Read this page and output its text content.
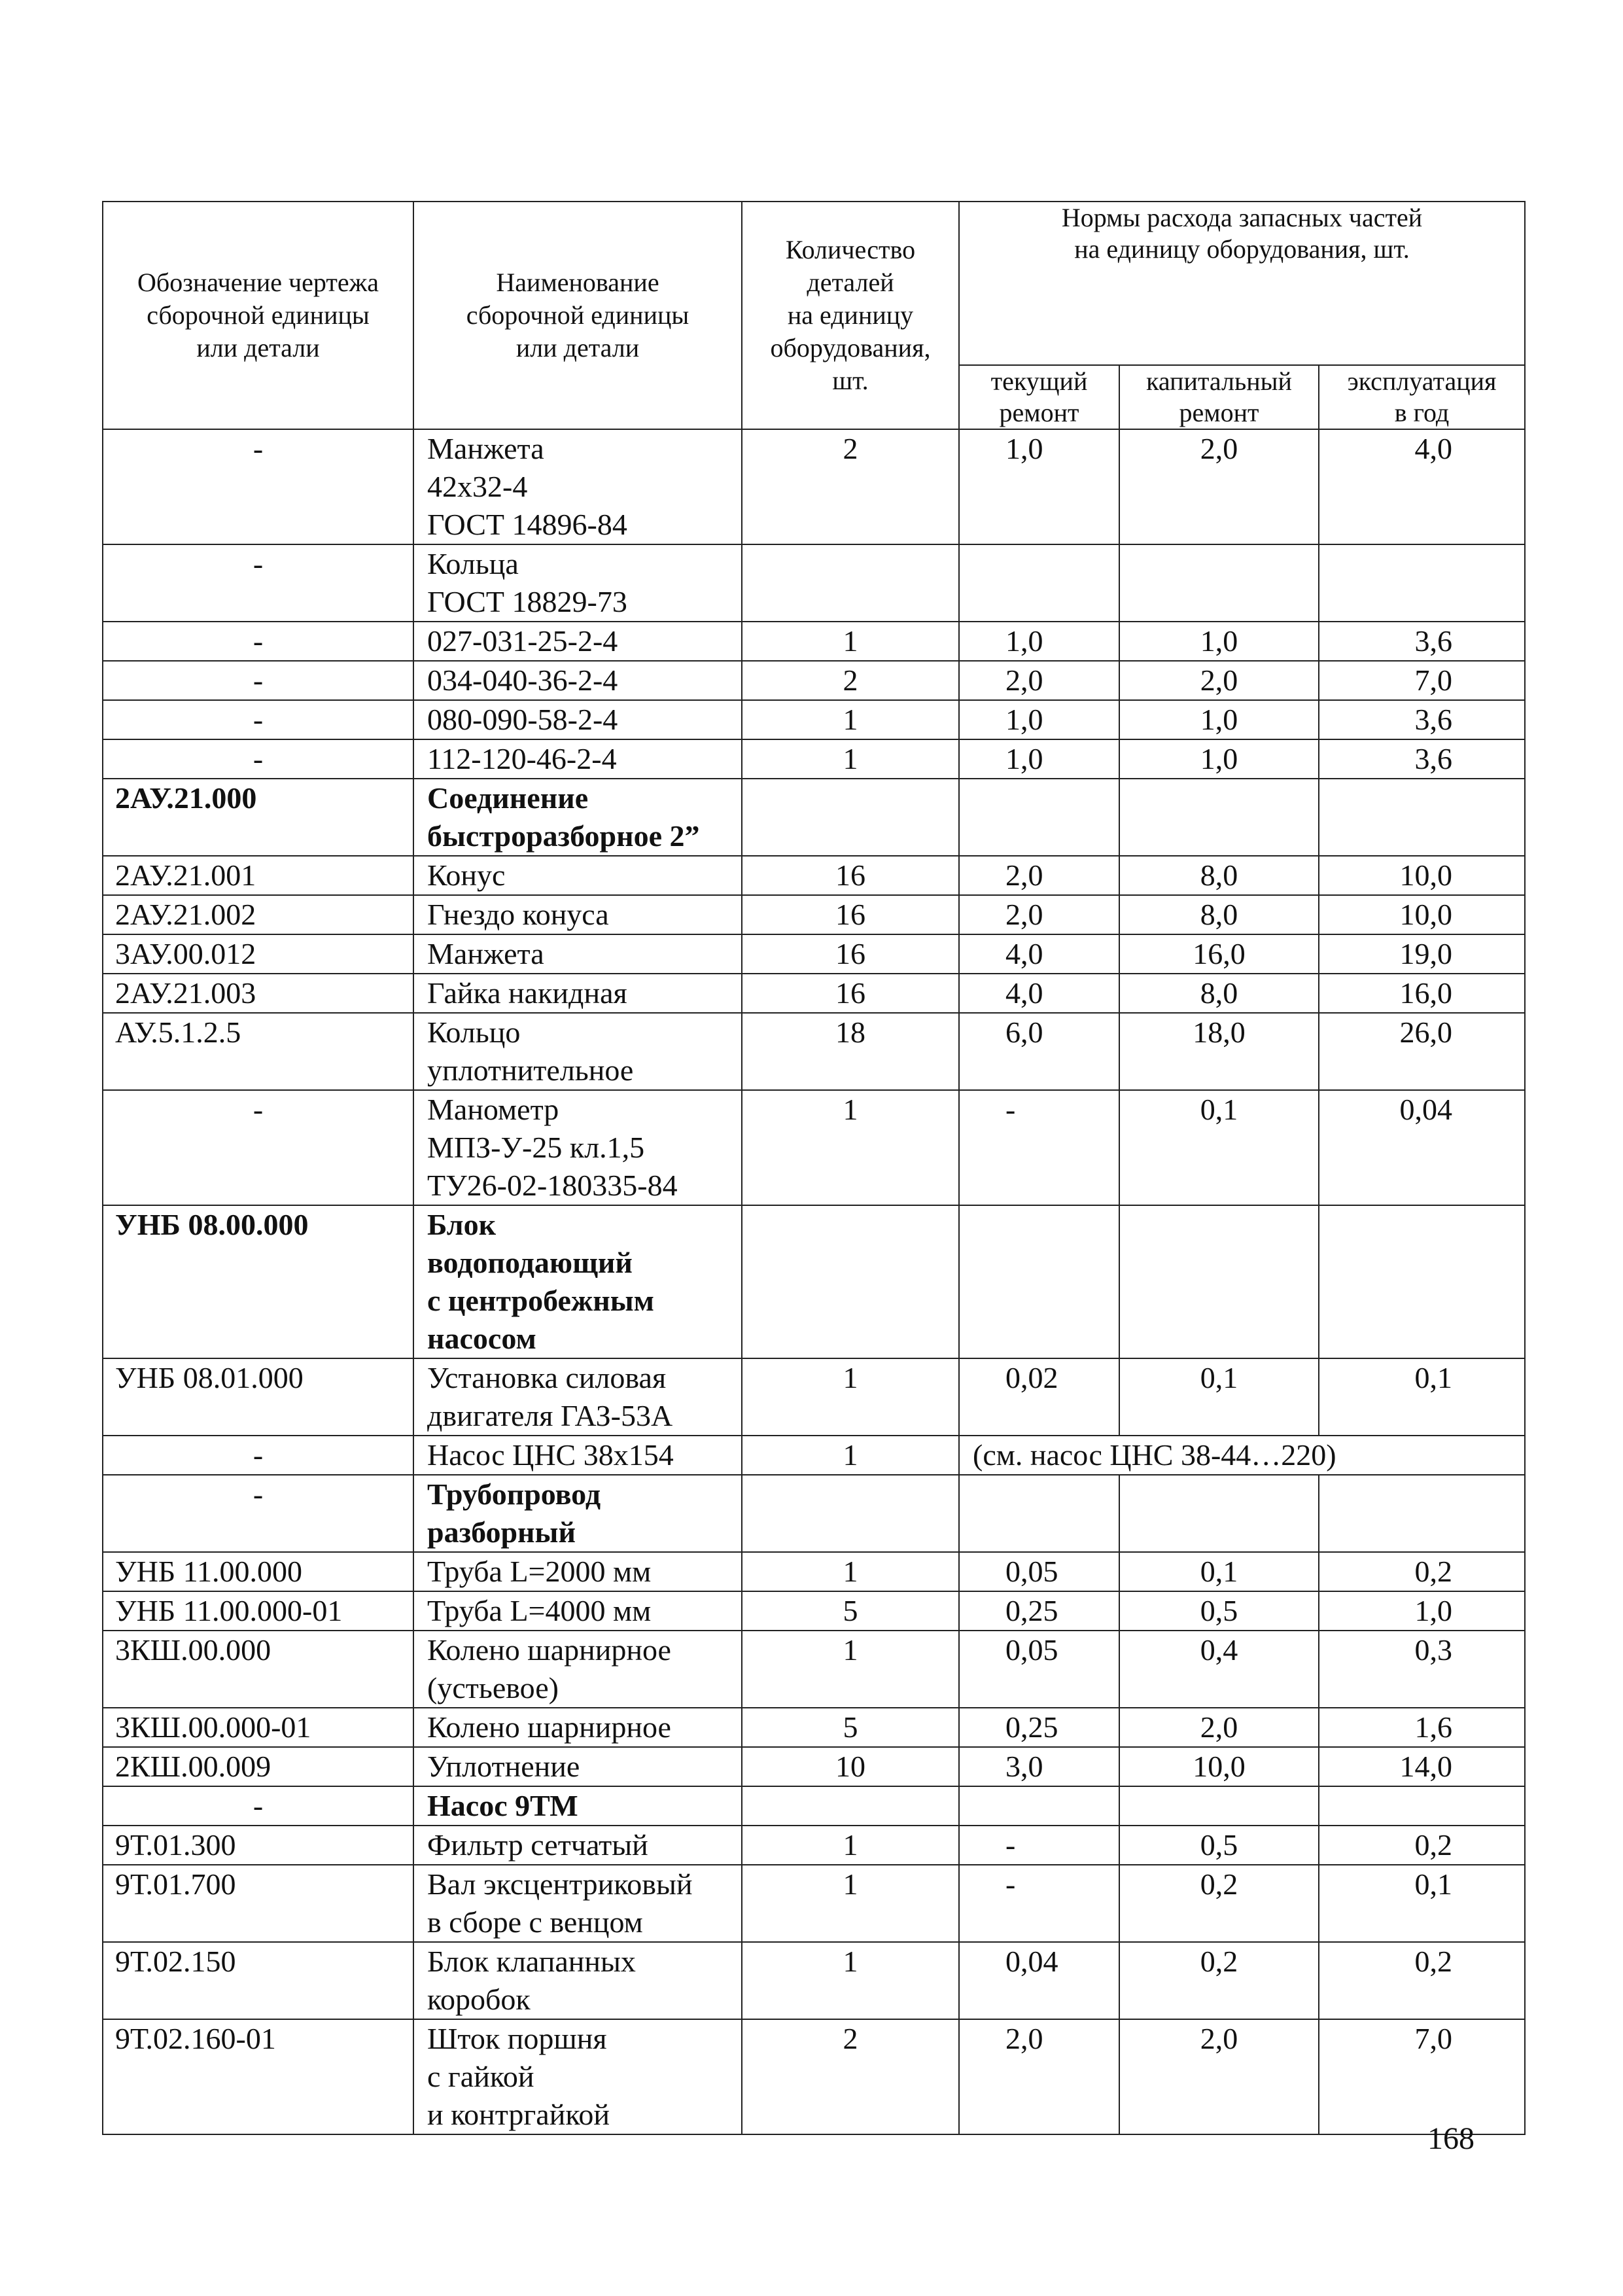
Обозначение чертежа
сборочной единицы
или детали	Наименование
сборочной единицы
или детали	Количество
деталей
на единицу
оборудования,
шт.	Нормы расхода запасных частей
на единицу оборудования, шт.		
			текущий
ремонт	капитальный
ремонт	эксплуатация
в год
-	Манжета
42х32-4
ГОСТ 14896-84	2	1,0	2,0	4,0
-	Кольца
ГОСТ 18829-73				
-	027-031-25-2-4	1	1,0	1,0	3,6
-	034-040-36-2-4	2	2,0	2,0	7,0
-	080-090-58-2-4	1	1,0	1,0	3,6
-	112-120-46-2-4	1	1,0	1,0	3,6
2АУ.21.000	Соединение
быстроразборное 2”				
2АУ.21.001	Конус	16	2,0	8,0	10,0
2АУ.21.002	Гнездо конуса	16	2,0	8,0	10,0
3АУ.00.012	Манжета	16	4,0	16,0	19,0
2АУ.21.003	Гайка накидная	16	4,0	8,0	16,0
АУ.5.1.2.5	Кольцо
уплотнительное	18	6,0	18,0	26,0
-	Манометр
МПЗ-У-25 кл.1,5
ТУ26-02-180335-84	1	-	0,1	0,04
УНБ 08.00.000	Блок
водоподающий
с центробежным
насосом				
УНБ 08.01.000	Установка силовая
двигателя ГАЗ-53А	1	0,02	0,1	0,1
-	Насос ЦНС 38х154	1	(см. насос ЦНС 38-44…220)		
-	Трубопровод
разборный				
УНБ 11.00.000	Труба L=2000 мм	1	0,05	0,1	0,2
УНБ 11.00.000-01	Труба L=4000 мм	5	0,25	0,5	1,0
3КШ.00.000	Колено шарнирное
(устьевое)	1	0,05	0,4	0,3
3КШ.00.000-01	Колено шарнирное	5	0,25	2,0	1,6
2КШ.00.009	Уплотнение	10	3,0	10,0	14,0
-	Насос 9ТМ				
9Т.01.300	Фильтр сетчатый	1	-	0,5	0,2
9Т.01.700	Вал эксцентриковый
в сборе с венцом	1	-	0,2	0,1
9Т.02.150	Блок клапанных
коробок	1	0,04	0,2	0,2
9Т.02.160-01	Шток поршня
с гайкой
и контргайкой	2	2,0	2,0	7,0
168
